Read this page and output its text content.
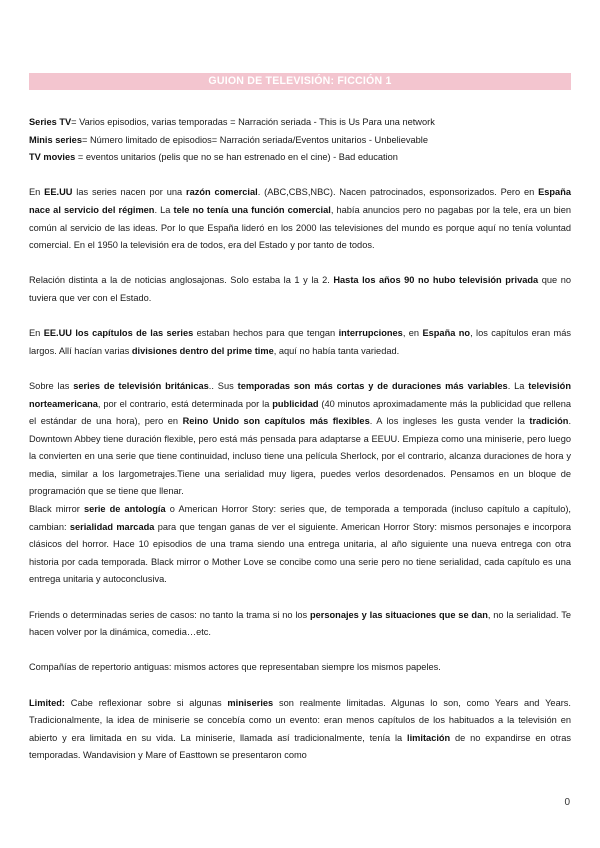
GUION DE TELEVISIÓN: FICCIÓN 1

Series TV= Varios episodios, varias temporadas = Narración seriada - This is Us Para una network

Minis series= Número limitado de episodios= Narración seriada/Eventos unitarios - Unbelievable

TV movies = eventos unitarios (pelis que no se han estrenado en el cine) - Bad education

En EE.UU las series nacen por una razón comercial. (ABC,CBS,NBC). Nacen patrocinados, esponsorizados. Pero en España nace al servicio del régimen. La tele no tenía una función comercial, había anuncios pero no pagabas por la tele, era un bien común al servicio de las ideas. Por lo que España lideró en los 2000 las televisiones del mundo es porque aquí no tenía voluntad comercial. En el 1950 la televisión era de todos, era del Estado y por tanto de todos.

Relación distinta a la de noticias anglosajonas. Solo estaba la 1 y la 2. Hasta los años 90 no hubo televisión privada que no tuviera que ver con el Estado.

En EE.UU los capítulos de las series estaban hechos para que tengan interrupciones, en España no, los capítulos eran más largos. Allí hacían varias divisiones dentro del prime time, aquí no había tanta variedad.

Sobre las series de televisión británicas.. Sus temporadas son más cortas y de duraciones más variables. La televisión norteamericana, por el contrario, está determinada por la publicidad (40 minutos aproximadamente más la publicidad que rellena el estándar de una hora), pero en Reino Unido son capítulos más flexibles. A los ingleses les gusta vender la tradición. Downtown Abbey tiene duración flexible, pero está más pensada para adaptarse a EEUU. Empieza como una miniserie, pero luego la convierten en una serie que tiene continuidad, incluso tiene una película Sherlock, por el contrario, alcanza duraciones de hora y media, similar a los largometrajes.Tiene una serialidad muy ligera, puedes verlos desordenados. Pensamos en un bloque de programación que se tiene que llenar.

Black mirror serie de antología o American Horror Story: series que, de temporada a temporada (incluso capítulo a capítulo), cambian: serialidad marcada para que tengan ganas de ver el siguiente. American Horror Story: mismos personajes e incorpora clásicos del horror. Hace 10 episodios de una trama siendo una entrega unitaria, al año siguiente una nueva entrega con otra historia por cada temporada. Black mirror o Mother Love se concibe como una serie pero no tiene serialidad, cada capítulo es una entrega unitaria y autoconclusiva.

Friends o determinadas series de casos: no tanto la trama si no los personajes y las situaciones que se dan, no la serialidad. Te hacen volver por la dinámica, comedia…etc.

Compañías de repertorio antiguas: mismos actores que representaban siempre los mismos papeles.

Limited: Cabe reflexionar sobre si algunas miniseries son realmente limitadas. Algunas lo son, como Years and Years. Tradicionalmente, la idea de miniserie se concebía como un evento: eran menos capítulos de los habituados a la televisión en abierto y era limitada en su vida. La miniserie, llamada así tradicionalmente, tenía la limitación de no expandirse en otras temporadas. Wandavision y Mare of Easttown se presentaron como

0
